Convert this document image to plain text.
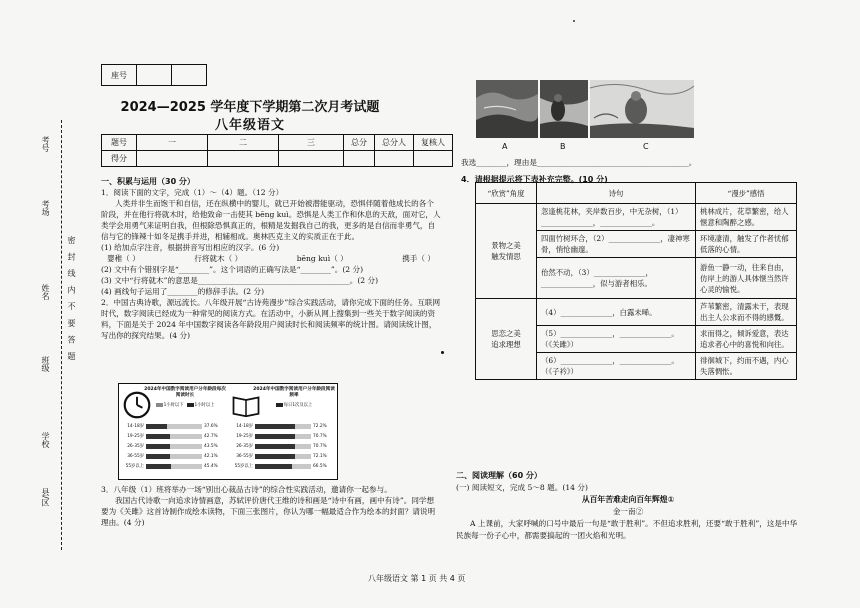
座号
2024—2025 学年度下学期第二次月考试题
八年级语文
题号	一	二	三	总分	总分人	复核人
得分						
考号
考场
姓名
班级
学校
县/区
密 封 线 内 不 要 答 题

一、积累与运用（30 分）

1．阅读下面的文字，完成（1）～（4）题。（12 分）

人类并非生而饱干和自信，还在纵横中的婴儿，就已开始被潜能驱动，恐惧伴随着他成长的各个阶段，并在他行将就木时，给他致命一击使其 bēng kuì。恐惧是人类工作和休息的天敌，面对它，人类学会用勇气来证明自我，但根除恐惧真正的，根精是发掘我自己的我，更多的是自信而非勇气，自信与它的锋辣十如冬足携手并进，相辅相成。奥林匹克主义的实质正在于此。

(1) 给加点字注音，根据拼音写出相应的汉字。(6 分)

婴稚（ ）	行将就木（ ）	bēng kuì（ ）	携手（ ）

(2) 文中有个错别字是“________”。这个词语的正确写法是“________”。(2 分)

(3) 文中“行将就木”的意思是________________________________________。(2 分)

(4) 画线句子运用了________的修辞手法。(2 分)

2．中国古典诗歌，源远流长。八年级开展“古诗苑漫步”综合实践活动，请你完成下面的任务。互联网时代，数字阅读已经成为一种常见的阅读方式。在活动中，小新从网上搜集到一些关于数字阅读的资料，下面是关于 2024 年中国数字阅读各年龄段用户阅读时长和阅读频率的统计图。请阅读统计图，写出你的探究结果。(4 分)

2024年中国数字阅读用户分年龄段每次阅读时长
1小时以下	1小时以上
14-18岁	37.6%
19-25岁	42.7%
26-35岁	43.5%
36-55岁	42.1%
55岁以上	45.4%
2024年中国数字阅读用户分年龄段阅读频率
每日1次及以上
14-18岁	72.2%
19-25岁	70.7%
26-35岁	70.7%
36-55岁	72.1%
55岁以上	66.5%

3．八年级（1）班将举办一场“别出心裁品古诗”的综合性实践活动，邀请你一起参与。

我国古代诗歌一向追求诗情画意，苏轼评价唐代王维的诗和画是“诗中有画，画中有诗”。同学想要为《关雎》这首诗制作成绘本读物，下面三张图片，你认为哪一幅最适合作为绘本的封面？请说明理由。(4 分)

A	B	C

我选________，理由是________________________________________。

4．请根据提示将下表补充完整。(10 分)

“欣赏”角度	诗句	“漫步”感悟
景物之美
触发情思	忽逢桃花林，夹岸数百步，中无杂树，（1）______________，______________。	桃林成片，花草繁密，给人惬意和陶醉之感。
	四面竹树环合，（2）______________，凄神寒骨，悄怆幽邃。	环境凄清，触发了作者忧郁低落的心情。
	佁然不动，（3）______________，______________，似与游者相乐。	游鱼一静一动，往来自由，仿岸上的游人具体惬当然许心灵的愉悦。
思恋之美
追求理想	（4）______________，白露未晞。	芦苇繁密，清露未干，表现出主人公求而不得的感慨。
	（5）______________，______________。（《关雎》）	求而得之，倾诉爱意，表达追求者心中的喜悦和向往。
	（6）______________，______________。（《子衿》）	徘徊城下，约而不遇，内心失落惆怅。

二、阅读理解（60 分）

(一) 阅读短文，完成 5～8 题。(14 分)

从百年苦难走向百年辉煌①

金一南②

A 上课前，大家呼喊的口号中最后一句是“敢于胜利”。不但追求胜利，还要“敢于胜利”，这是中华民族每一份子心中，都需要搞起的一团火焰和光明。

八年级语文 第 1 页 共 4 页
